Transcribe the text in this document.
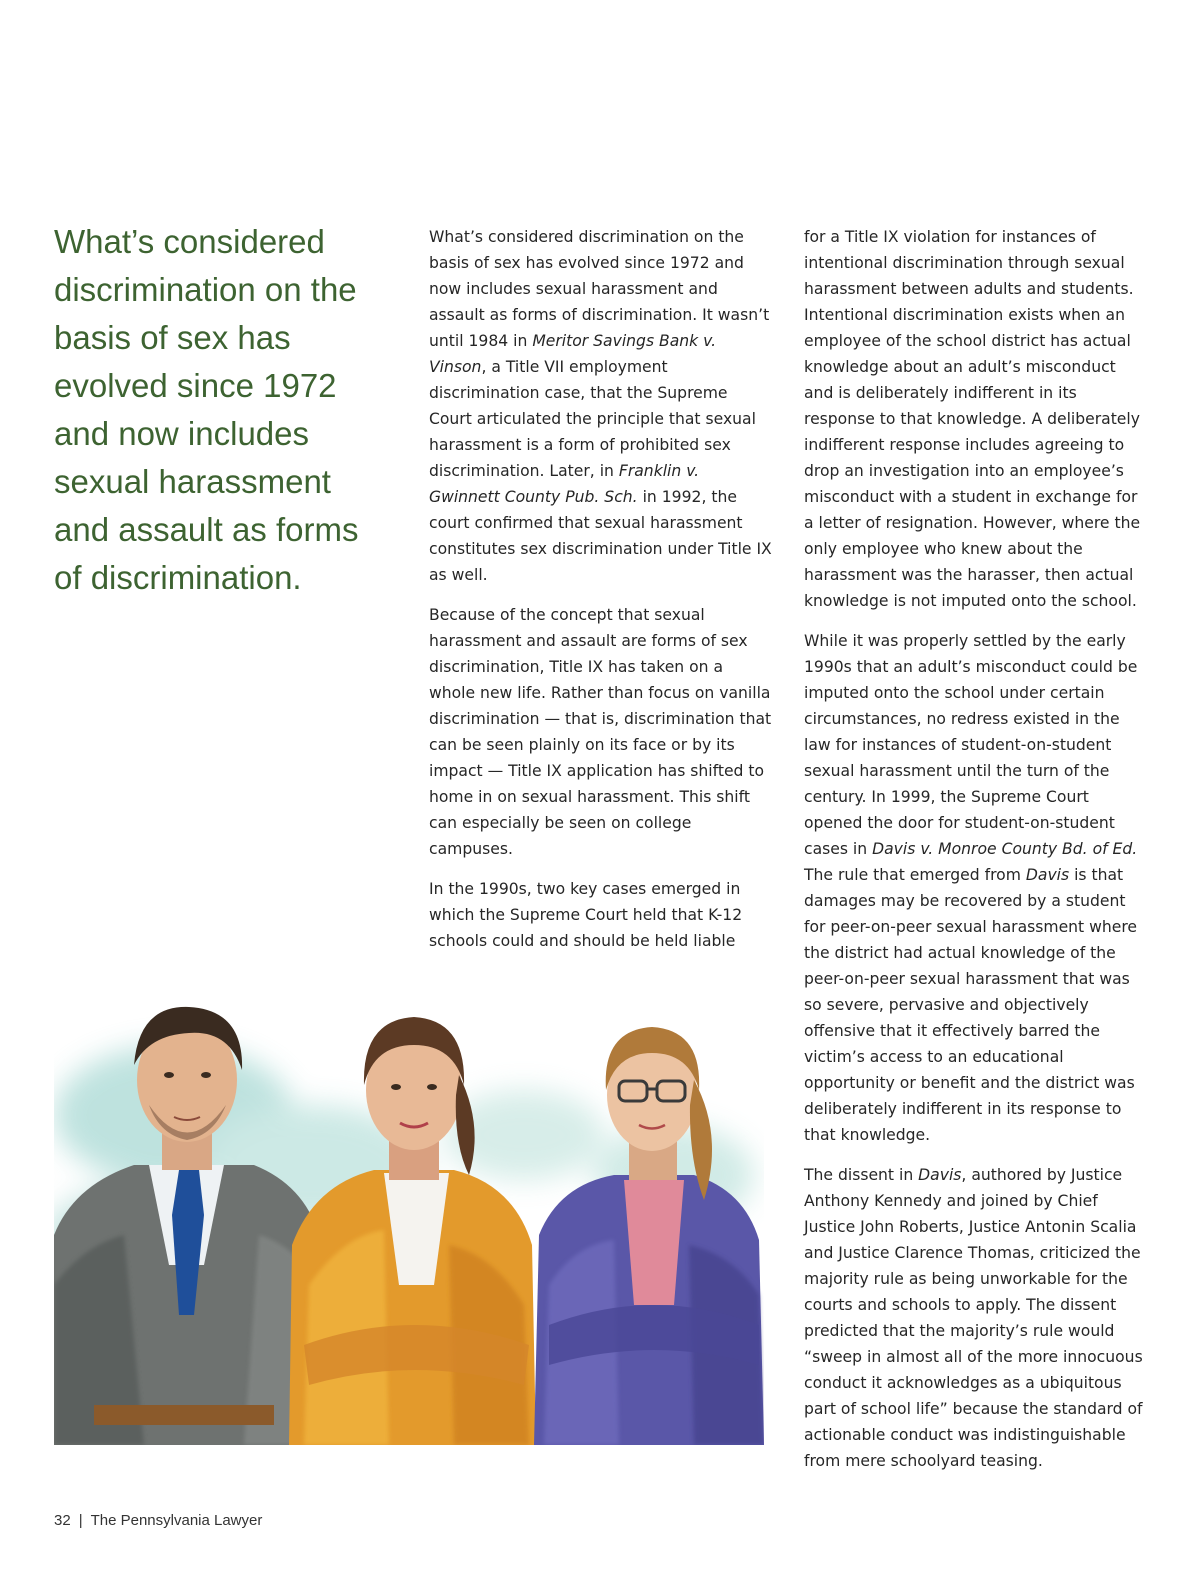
What’s considered discrimination on the basis of sex has evolved since 1972 and now includes sexual harassment and assault as forms of discrimination.

What’s considered discrimination on the basis of sex has evolved since 1972 and now includes sexual harassment and assault as forms of discrimination. It wasn’t until 1984 in Meritor Savings Bank v. Vinson, a Title VII employment discrimination case, that the Supreme Court articulated the principle that sexual harassment is a form of prohibited sex discrimination. Later, in Franklin v. Gwinnett County Pub. Sch. in 1992, the court confirmed that sexual harassment constitutes sex discrimination under Title IX as well.

Because of the concept that sexual harassment and assault are forms of sex discrimination, Title IX has taken on a whole new life. Rather than focus on vanilla discrimination — that is, discrimination that can be seen plainly on its face or by its impact — Title IX application has shifted to home in on sexual harassment. This shift can especially be seen on college campuses.

In the 1990s, two key cases emerged in which the Supreme Court held that K-12 schools could and should be held liable

for a Title IX violation for instances of intentional discrimination through sexual harassment between adults and students. Intentional discrimination exists when an employee of the school district has actual knowledge about an adult’s misconduct and is deliberately indifferent in its response to that knowledge. A deliberately indifferent response includes agreeing to drop an investigation into an employee’s misconduct with a student in exchange for a letter of resignation. However, where the only employee who knew about the harassment was the harasser, then actual knowledge is not imputed onto the school.

While it was properly settled by the early 1990s that an adult’s misconduct could be imputed onto the school under certain circumstances, no redress existed in the law for instances of student-on-student sexual harassment until the turn of the century. In 1999, the Supreme Court opened the door for student-on-student cases in Davis v. Monroe County Bd. of Ed. The rule that emerged from Davis is that damages may be recovered by a student for peer-on-peer sexual harassment where the district had actual knowledge of the peer-on-peer sexual harassment that was so severe, pervasive and objectively offensive that it effectively barred the victim’s access to an educational opportunity or benefit and the district was deliberately indifferent in its response to that knowledge.

The dissent in Davis, authored by Justice Anthony Kennedy and joined by Chief Justice John Roberts, Justice Antonin Scalia and Justice Clarence Thomas, criticized the majority rule as being unworkable for the courts and schools to apply. The dissent predicted that the majority’s rule would “sweep in almost all of the more innocuous conduct it acknowledges as a ubiquitous part of school life” because the standard of actionable conduct was indistinguishable from mere schoolyard teasing.

32 | The Pennsylvania Lawyer
